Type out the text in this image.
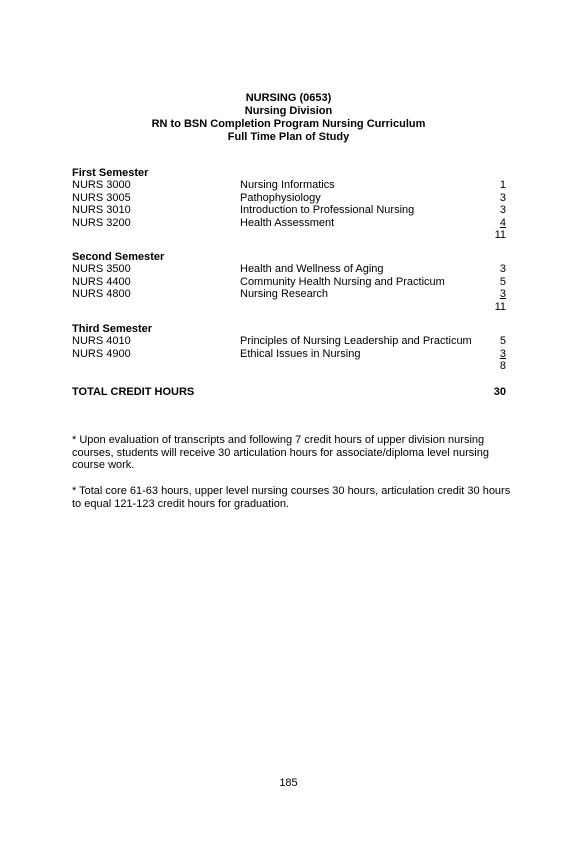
NURSING (0653)
Nursing Division
RN to BSN Completion Program Nursing Curriculum
Full Time Plan of Study
First Semester
NURS 3000	Nursing Informatics	1
NURS 3005	Pathophysiology	3
NURS 3010	Introduction to Professional Nursing	3
NURS 3200	Health Assessment	4
11
Second Semester
NURS 3500	Health and Wellness of Aging	3
NURS 4400	Community Health Nursing and Practicum	5
NURS 4800	Nursing Research	3
11
Third Semester
NURS 4010	Principles of Nursing Leadership and Practicum	5
NURS 4900	Ethical Issues in Nursing	3
8
TOTAL CREDIT HOURS	30
* Upon evaluation of transcripts and following 7 credit hours of upper division nursing courses, students will receive 30 articulation hours for associate/diploma level nursing course work.
* Total core 61-63 hours, upper level nursing courses 30 hours, articulation credit 30 hours to equal 121-123 credit hours for graduation.
185
